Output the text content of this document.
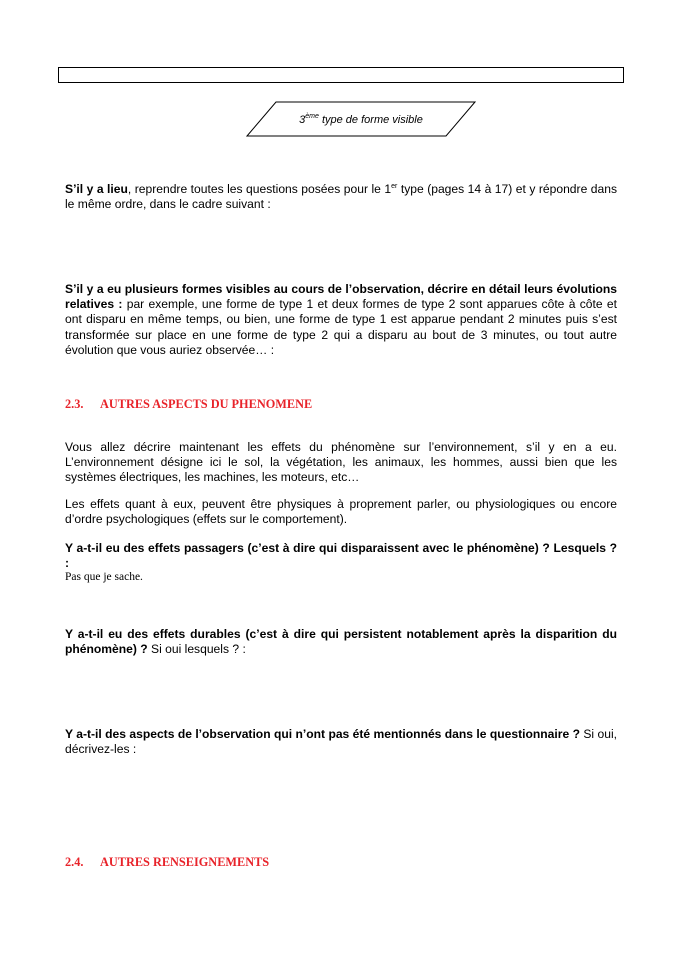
3ème type de forme visible

S’il y a lieu, reprendre toutes les questions posées pour le 1er type (pages 14 à 17) et y répondre dans le même ordre, dans le cadre suivant :

S’il y a eu plusieurs formes visibles au cours de l’observation, décrire en détail leurs évolutions relatives : par exemple, une forme de type 1 et deux formes de type 2 sont apparues côte à côte et ont disparu en même temps, ou bien, une forme de type 1 est apparue pendant 2 minutes puis s’est transformée sur place en une forme de type 2 qui a disparu au bout de 3 minutes, ou tout autre évolution que vous auriez observée… :

2.3. AUTRES ASPECTS DU PHENOMENE

Vous allez décrire maintenant les effets du phénomène sur l’environnement, s’il y en a eu. L’environnement désigne ici le sol, la végétation, les animaux, les hommes, aussi bien que les systèmes électriques, les machines, les moteurs, etc…

Les effets quant à eux, peuvent être physiques à proprement parler, ou physiologiques ou encore d’ordre psychologiques (effets sur le comportement).

Y a-t-il eu des effets passagers (c’est à dire qui disparaissent avec le phénomène) ? Lesquels ? :

Pas que je sache.

Y a-t-il eu des effets durables (c’est à dire qui persistent notablement après la disparition du phénomène) ? Si oui lesquels ? :

Y a-t-il des aspects de l’observation qui n’ont pas été mentionnés dans le questionnaire ? Si oui, décrivez-les :

2.4. AUTRES RENSEIGNEMENTS
